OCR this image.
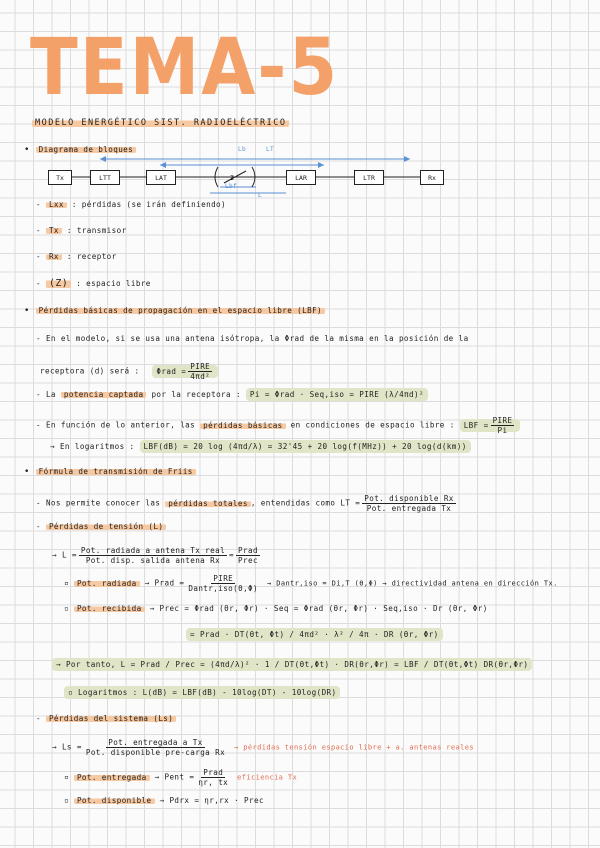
TEMA-5
MODELO ENERGÉTICO SIST. RADIOELÉCTRICO
• Diagrama de bloques
Z
Tx	LTT	LAT	LAR	LTR	Rx
Lb	LT
Lbf
L
- Lxx : pérdidas (se irán definiendo)
- Tx : transmisor
- Rx : receptor
- (Z) : espacio libre
• Pérdidas básicas de propagación en el espacio libre (LBF)
- En el modelo, si se usa una antena isótropa, la Φrad de la misma en la posición de la
receptora (d) será : $\Phi rad = \frac{\text{PIRE}}{\text{4πd²}}$
- La potencia captada por la receptora : Pi = Φrad · Seq,iso = PIRE (λ/4πd)²
- En función de lo anterior, las pérdidas básicas en condiciones de espacio libre : LBF = $\frac{\text{PIRE}}{Pi}$
→ En logaritmos : LBF(dB) = 20 log (4πd/λ) = 32'45 + 20 log(f(MHz)) + 20 log(d(km))
• Fórmula de transmisión de Friis
- Nos permite conocer las pérdidas totales , entendidas como LT = $\frac{\text{Pot. disponible Rx}}{\text{Pot. entregada Tx}}$
- Pérdidas de tensión (L)
→ $L = \frac{\text{Pot. radiada a antena Tx real}}{\text{Pot. disp. salida antena Rx}} = \frac{\text{Prad}}{\text{Prec}}$
▫ Pot. radiada → Prad = $\frac{\text{PIRE}}{\text{Dantr,iso(θ,Φ)}}$ → Dantr,iso = Di,T (θ,Φ) → directividad antena en dirección Tx.
▫ Pot. recibida → Prec = Φrad (θr, Φr) · Seq = Φrad (θr, Φr) · Seq,iso · Dr (θr, Φr)
= Prad · DT(θt, Φt) / 4πd² · λ² / 4π · DR (θr, Φr)
→ Por tanto, L = Prad / Prec = (4πd/λ)² · 1 / DT(θt,Φt) · DR(θr,Φr) = LBF / DT(θt,Φt) DR(θr,Φr)
▫ Logaritmos : L(dB) = LBF(dB) - 10log(DT) - 10log(DR)
- Pérdidas del sistema (Ls)
→ $Ls = \frac{\text{Pot. entregada a Tx}}{\text{Pot. disponible pre-carga Rx}}$ → pérdidas tensión espacio libre + a. antenas reales
▫ Pot. entregada → Pent = $\frac{\text{Prad}}{\eta r, tx}$ eficiencia Tx
▫ Pot. disponible → Pdrx = ηr,rx · Prec
